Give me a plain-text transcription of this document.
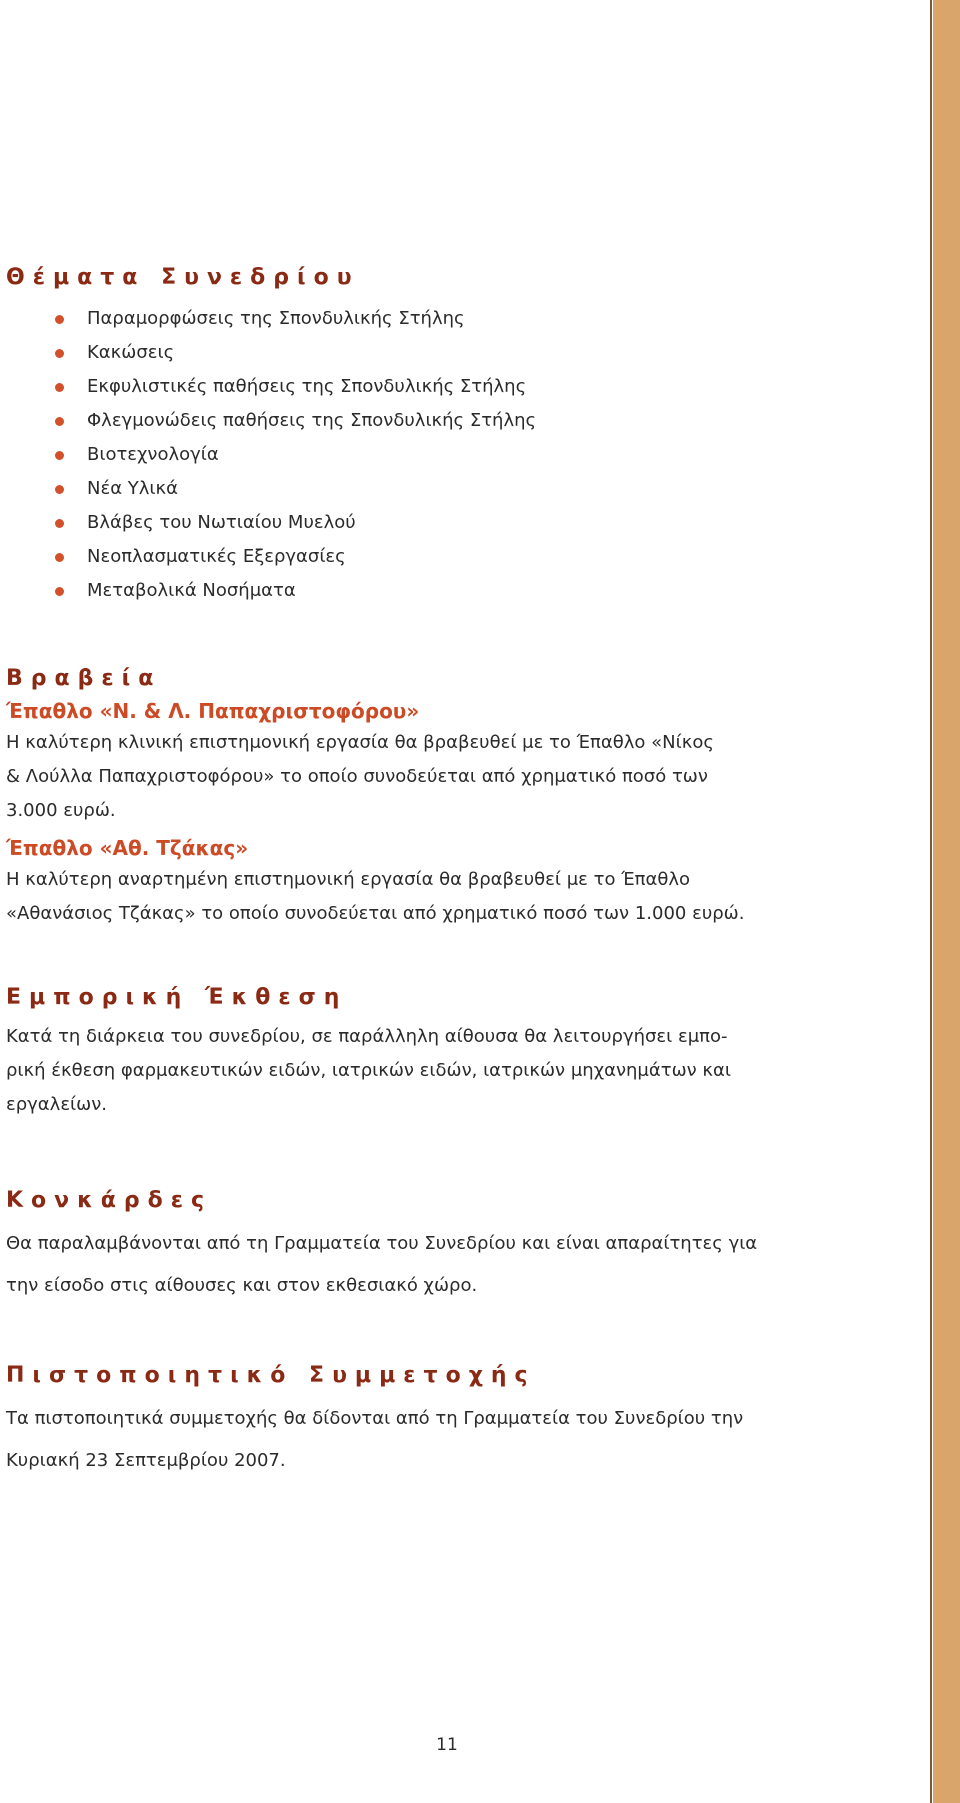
Θέματα Συνεδρίου
Παραμορφώσεις της Σπονδυλικής Στήλης
Κακώσεις
Εκφυλιστικές παθήσεις της Σπονδυλικής Στήλης
Φλεγμονώδεις παθήσεις της Σπονδυλικής Στήλης
Βιοτεχνολογία
Νέα Υλικά
Βλάβες του Νωτιαίου Μυελού
Νεοπλασματικές Εξεργασίες
Μεταβολικά Νοσήματα
Βραβεία
Έπαθλο «Ν. & Λ. Παπαχριστοφόρου»

Η καλύτερη κλινική επιστημονική εργασία θα βραβευθεί με το Έπαθλο «Νίκος
& Λούλλα Παπαχριστοφόρου» το οποίο συνοδεύεται από χρηματικό ποσό των
3.000 ευρώ.

Έπαθλο «Αθ. Τζάκας»

Η καλύτερη αναρτημένη επιστημονική εργασία θα βραβευθεί με το Έπαθλο
«Αθανάσιος Τζάκας» το οποίο συνοδεύεται από χρηματικό ποσό των 1.000 ευρώ.

Εμπορική Έκθεση

Κατά τη διάρκεια του συνεδρίου, σε παράλληλη αίθουσα θα λειτουργήσει εμπο-
ρική έκθεση φαρμακευτικών ειδών, ιατρικών ειδών, ιατρικών μηχανημάτων και
εργαλείων.

Κονκάρδες

Θα παραλαμβάνονται από τη Γραμματεία του Συνεδρίου και είναι απαραίτητες για
την είσοδο στις αίθουσες και στον εκθεσιακό χώρο.

Πιστοποιητικό Συμμετοχής

Τα πιστοποιητικά συμμετοχής θα δίδονται από τη Γραμματεία του Συνεδρίου την
Κυριακή 23 Σεπτεμβρίου 2007.

11
